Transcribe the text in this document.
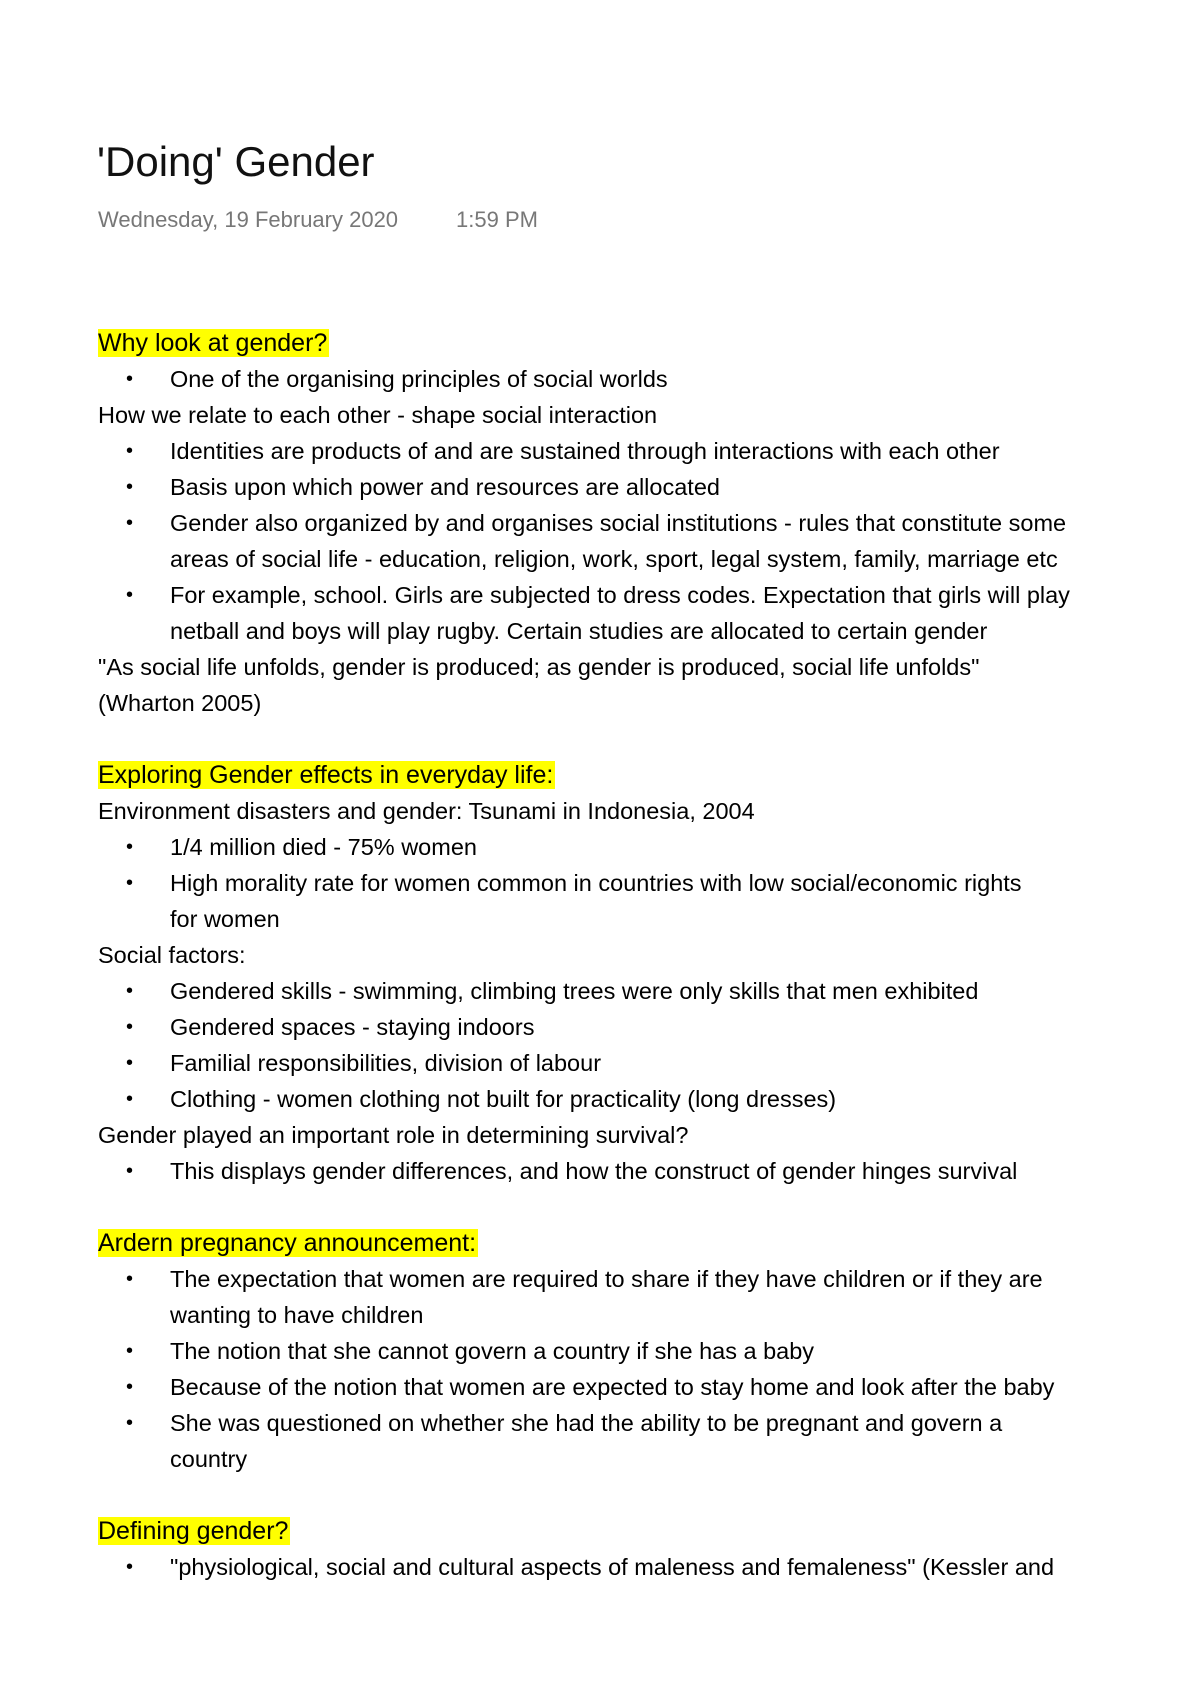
'Doing' Gender
Wednesday, 19 February 2020	1:59 PM
Why look at gender?
• One of the organising principles of social worlds
How we relate to each other - shape social interaction
• Identities are products of and are sustained through interactions with each other
• Basis upon which power and resources are allocated
• Gender also organized by and organises social institutions - rules that constitute some
areas of social life - education, religion, work, sport, legal system, family, marriage etc
• For example, school. Girls are subjected to dress codes. Expectation that girls will play
netball and boys will play rugby. Certain studies are allocated to certain gender
"As social life unfolds, gender is produced; as gender is produced, social life unfolds"
(Wharton 2005)
Exploring Gender effects in everyday life:
Environment disasters and gender: Tsunami in Indonesia, 2004
• 1/4 million died - 75% women
• High morality rate for women common in countries with low social/economic rights
for women
Social factors:
• Gendered skills - swimming, climbing trees were only skills that men exhibited
• Gendered spaces - staying indoors
• Familial responsibilities, division of labour
• Clothing - women clothing not built for practicality (long dresses)
Gender played an important role in determining survival?
• This displays gender differences, and how the construct of gender hinges survival
Ardern pregnancy announcement:
• The expectation that women are required to share if they have children or if they are
wanting to have children
• The notion that she cannot govern a country if she has a baby
• Because of the notion that women are expected to stay home and look after the baby
• She was questioned on whether she had the ability to be pregnant and govern a
country
Defining gender?
• "physiological, social and cultural aspects of maleness and femaleness" (Kessler and
